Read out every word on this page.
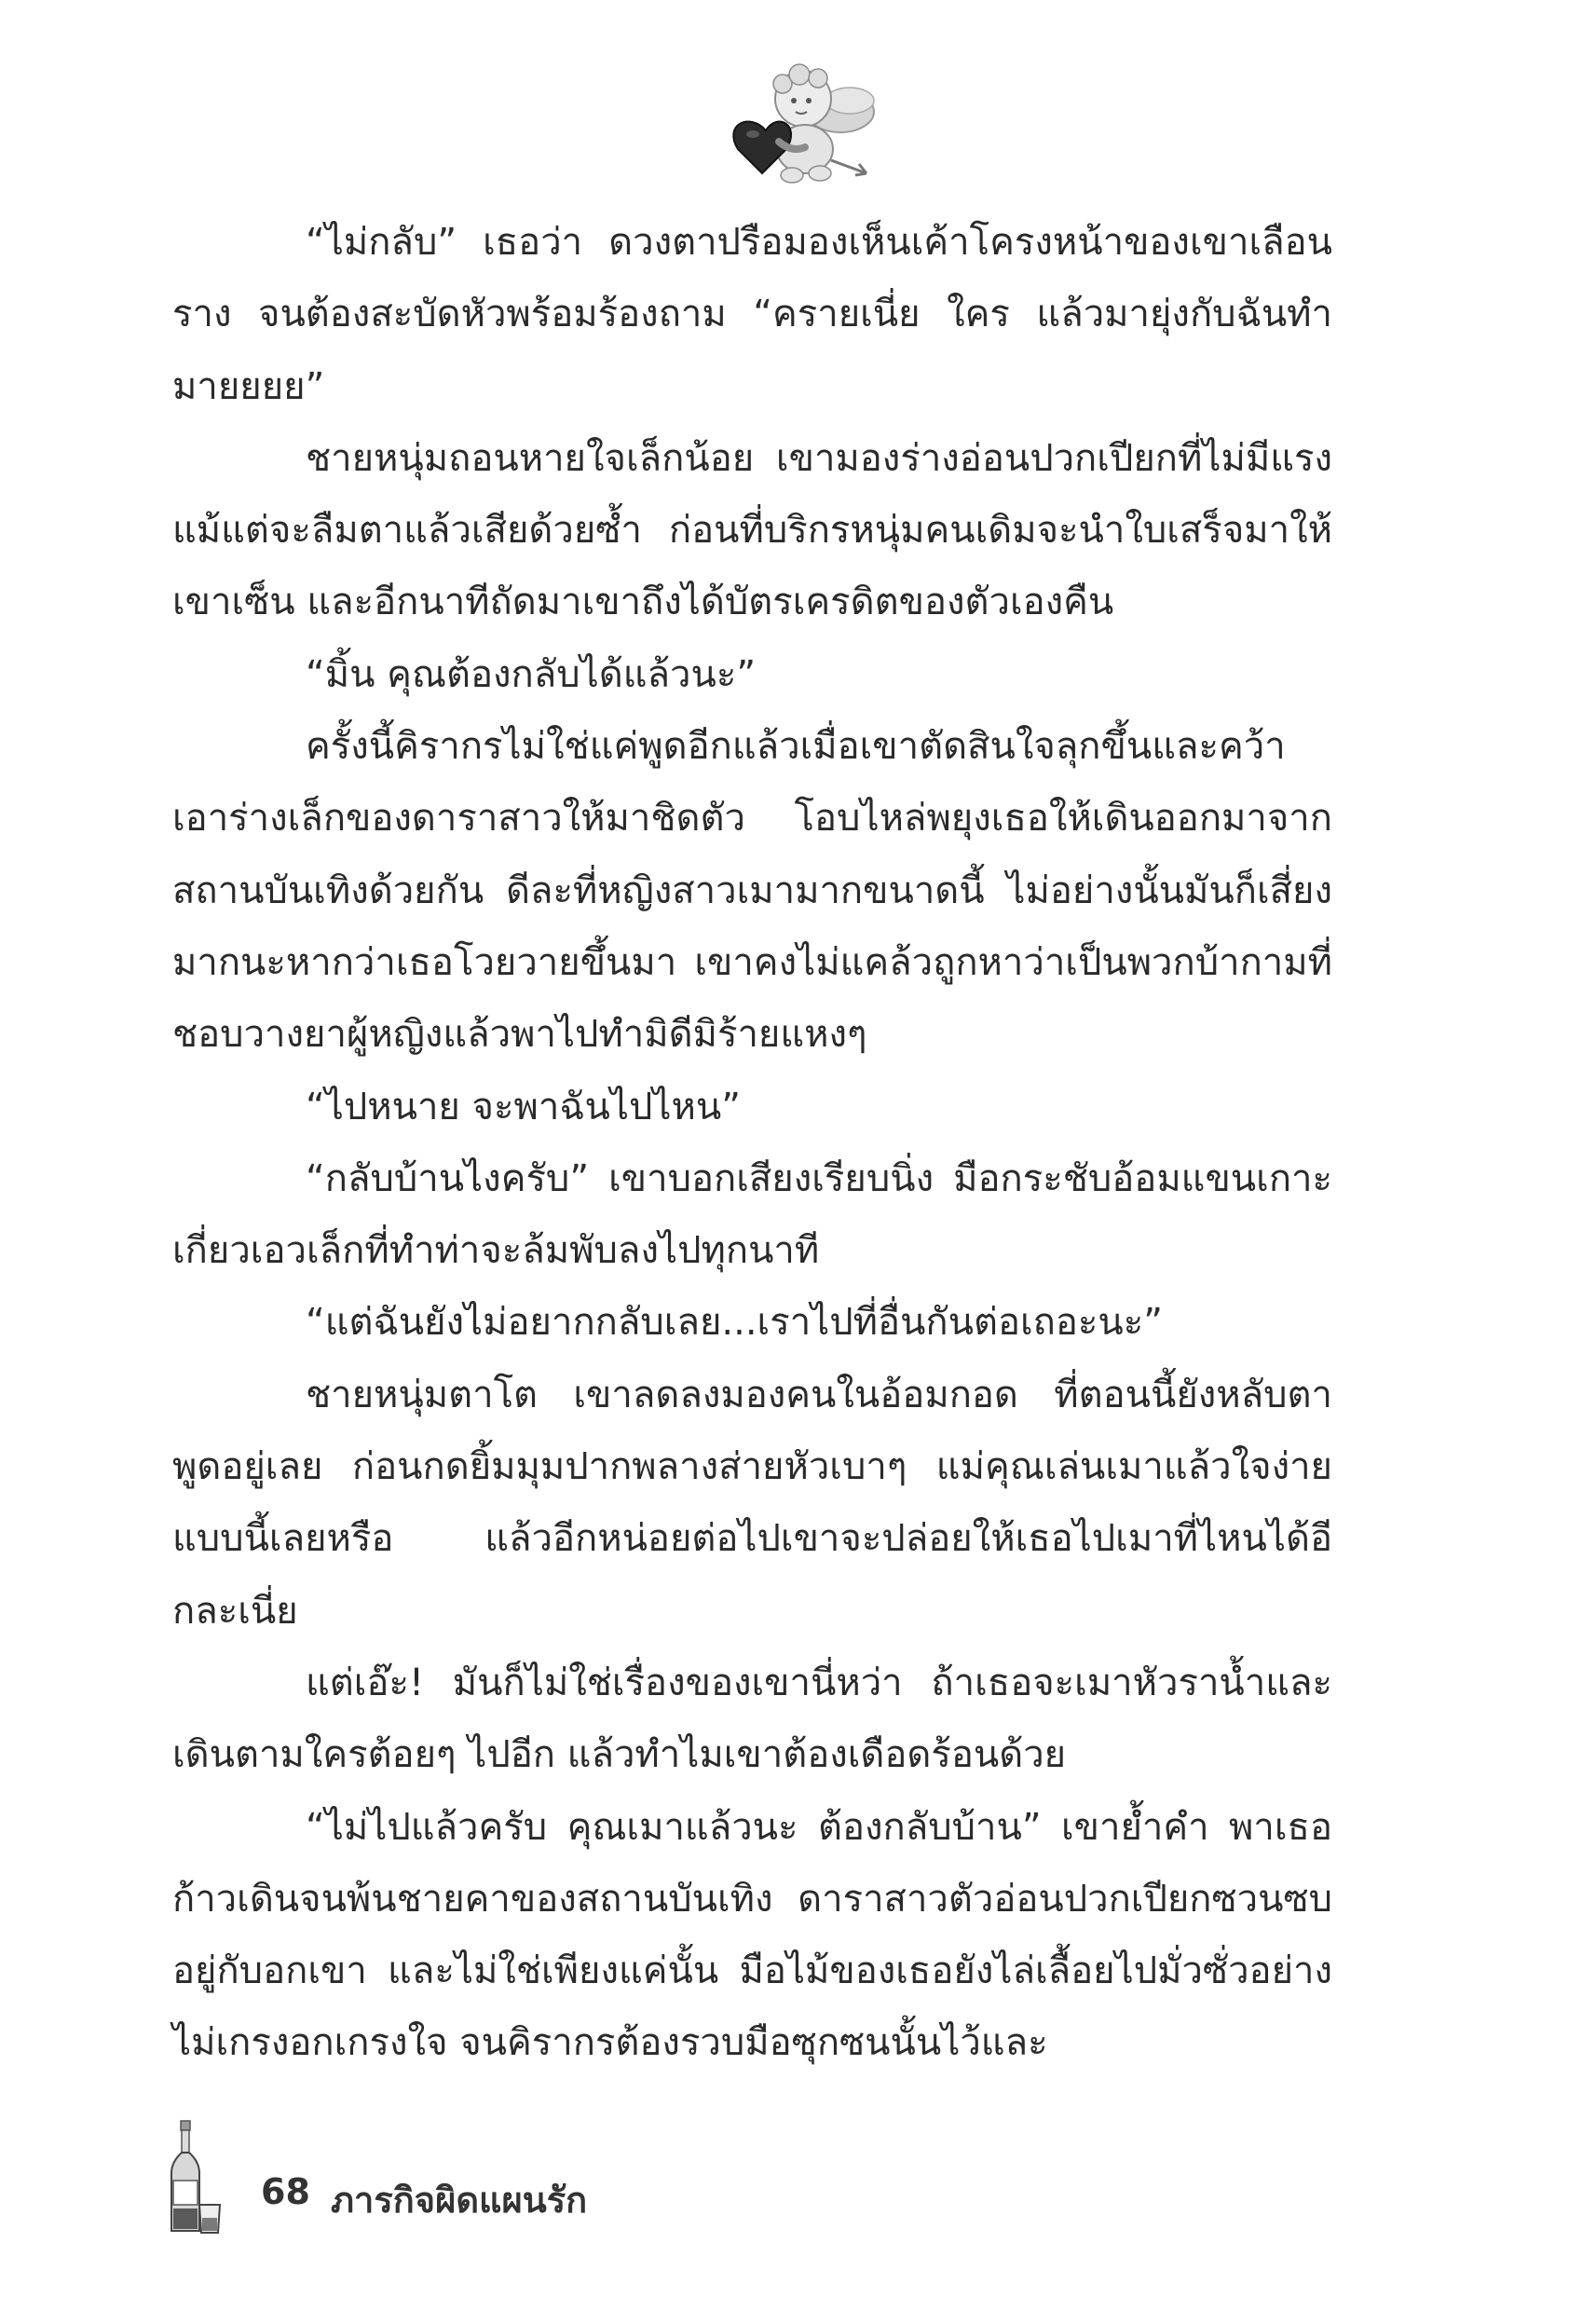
“ไม่กลับ” เธอว่า ดวงตาปรือมองเห็นเค้าโครงหน้าของเขาเลือนราง จนต้องสะบัดหัวพร้อมร้องถาม “ครายเนี่ย ใคร แล้วมายุ่งกับฉันทำมายยยย”

ชายหนุ่มถอนหายใจเล็กน้อย เขามองร่างอ่อนปวกเปียกที่ไม่มีแรงแม้แต่จะลืมตาแล้วเสียด้วยซ้ำ ก่อนที่บริกรหนุ่มคนเดิมจะนำใบเสร็จมาให้เขาเซ็น และอีกนาทีถัดมาเขาถึงได้บัตรเครดิตของตัวเองคืน

“มิ้น คุณต้องกลับได้แล้วนะ”

ครั้งนี้คิรากรไม่ใช่แค่พูดอีกแล้วเมื่อเขาตัดสินใจลุกขึ้นและคว้าเอาร่างเล็กของดาราสาวให้มาชิดตัว โอบไหล่พยุงเธอให้เดินออกมาจากสถานบันเทิงด้วยกัน ดีละที่หญิงสาวเมามากขนาดนี้ ไม่อย่างนั้นมันก็เสี่ยงมากนะหากว่าเธอโวยวายขึ้นมา เขาคงไม่แคล้วถูกหาว่าเป็นพวกบ้ากามที่ชอบวางยาผู้หญิงแล้วพาไปทำมิดีมิร้ายแหงๆ

“ไปหนาย จะพาฉันไปไหน”

“กลับบ้านไงครับ” เขาบอกเสียงเรียบนิ่ง มือกระชับอ้อมแขนเกาะเกี่ยวเอวเล็กที่ทำท่าจะล้มพับลงไปทุกนาที

“แต่ฉันยังไม่อยากกลับเลย...เราไปที่อื่นกันต่อเถอะนะ”

ชายหนุ่มตาโต เขาลดลงมองคนในอ้อมกอด ที่ตอนนี้ยังหลับตาพูดอยู่เลย ก่อนกดยิ้มมุมปากพลางส่ายหัวเบาๆ แม่คุณเล่นเมาแล้วใจง่ายแบบนี้เลยหรือ แล้วอีกหน่อยต่อไปเขาจะปล่อยให้เธอไปเมาที่ไหนได้อีกละเนี่ย

แต่เอ๊ะ! มันก็ไม่ใช่เรื่องของเขานี่หว่า ถ้าเธอจะเมาหัวราน้ำและเดินตามใครต้อยๆ ไปอีก แล้วทำไมเขาต้องเดือดร้อนด้วย

“ไม่ไปแล้วครับ คุณเมาแล้วนะ ต้องกลับบ้าน” เขาย้ำคำ พาเธอก้าวเดินจนพ้นชายคาของสถานบันเทิง ดาราสาวตัวอ่อนปวกเปียกซวนซบอยู่กับอกเขา และไม่ใช่เพียงแค่นั้น มือไม้ของเธอยังไล่เลื้อยไปมั่วซั่วอย่างไม่เกรงอกเกรงใจ จนคิรากรต้องรวบมือซุกซนนั้นไว้และ

68 ภารกิจผิดแผนรัก
